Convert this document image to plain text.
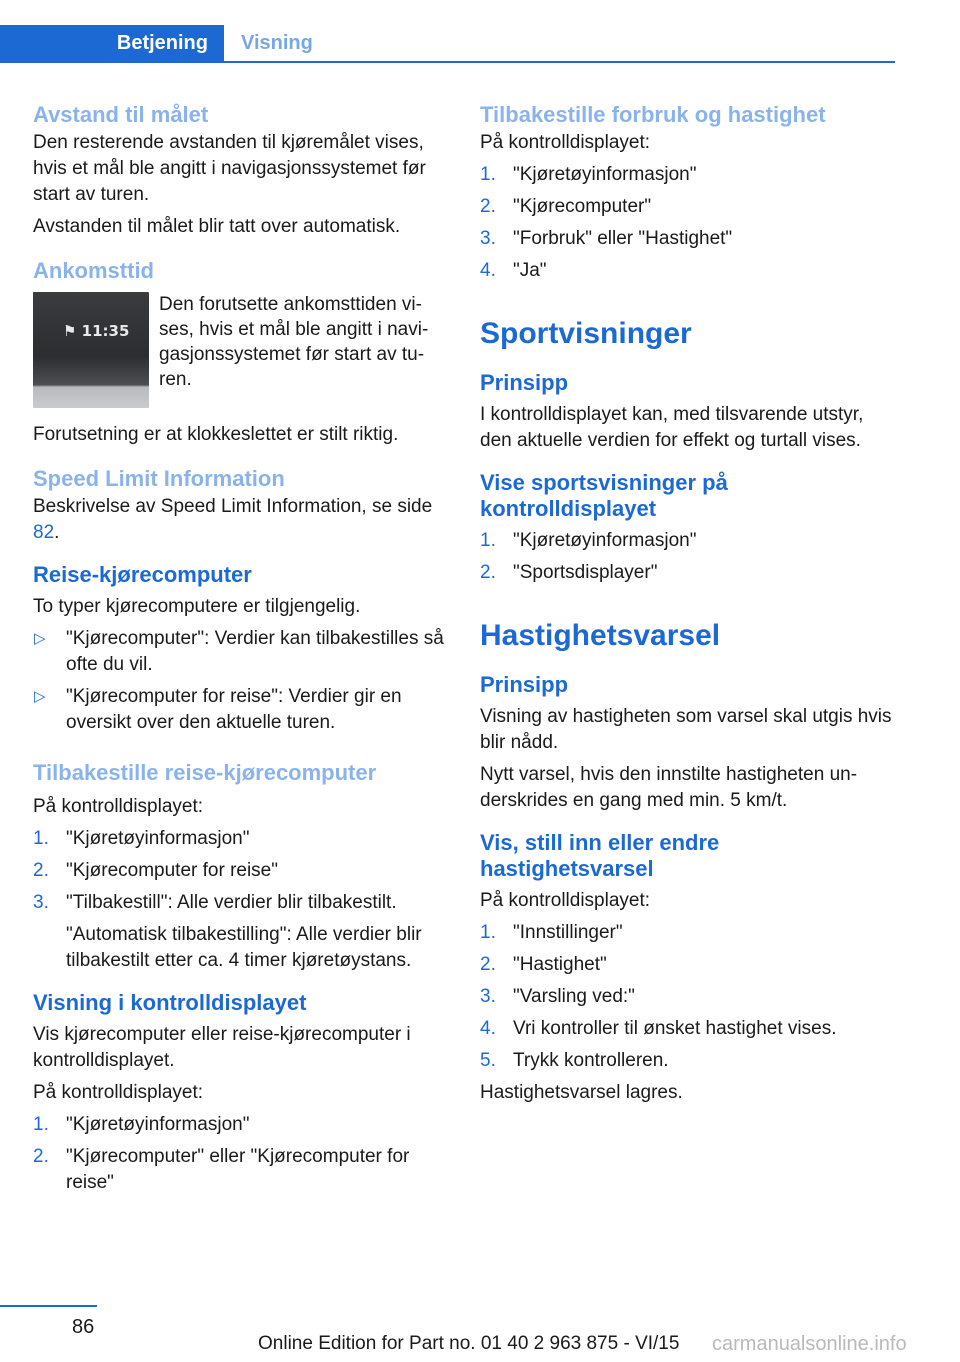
Betjening	Visning
Avstand til målet

Den resterende avstanden til kjøremålet vises, hvis et mål ble angitt i navigasjonssystemet før start av turen.

Avstanden til målet blir tatt over automatisk.

Ankomsttid
⚑ 11:35
Den forutsette ankomsttiden vises, hvis et mål ble angitt i navigasjonssystemet før start av turen.

Forutsetning er at klokkeslettet er stilt riktig.

Speed Limit Information

Beskrivelse av Speed Limit Information, se side 82.

Reise-kjørecomputer

To typer kjørecomputere er tilgjengelig.

▷ "Kjørecomputer": Verdier kan tilbakestilles så ofte du vil.
▷ "Kjørecomputer for reise": Verdier gir en oversikt over den aktuelle turen.
Tilbakestille reise-kjørecomputer

På kontrolldisplayet:

1. "Kjøretøyinformasjon"
2. "Kjørecomputer for reise"
3. "Tilbakestill": Alle verdier blir tilbakestilt.

"Automatisk tilbakestilling": Alle verdier blir tilbakestilt etter ca. 4 timer kjøretøystans.

Visning i kontrolldisplayet

Vis kjørecomputer eller reise-kjørecomputer i kontrolldisplayet.

På kontrolldisplayet:

1. "Kjøretøyinformasjon"
2. "Kjørecomputer" eller "Kjørecomputer for reise"
Tilbakestille forbruk og hastighet

På kontrolldisplayet:

1. "Kjøretøyinformasjon"
2. "Kjørecomputer"
3. "Forbruk" eller "Hastighet"
4. "Ja"
Sportvisninger
Prinsipp

I kontrolldisplayet kan, med tilsvarende utstyr, den aktuelle verdien for effekt og turtall vises.

Vise sportsvisninger på kontrolldisplayet
1. "Kjøretøyinformasjon"
2. "Sportsdisplayer"
Hastighetsvarsel
Prinsipp

Visning av hastigheten som varsel skal utgis hvis blir nådd.

Nytt varsel, hvis den innstilte hastigheten underskrides en gang med min. 5 km/t.

Vis, still inn eller endre hastighetsvarsel

På kontrolldisplayet:

1. "Innstillinger"
2. "Hastighet"
3. "Varsling ved:"
4. Vri kontroller til ønsket hastighet vises.
5. Trykk kontrolleren.

Hastighetsvarsel lagres.

86
Online Edition for Part no. 01 40 2 963 875 - VI/15 carmanualsonline.info
